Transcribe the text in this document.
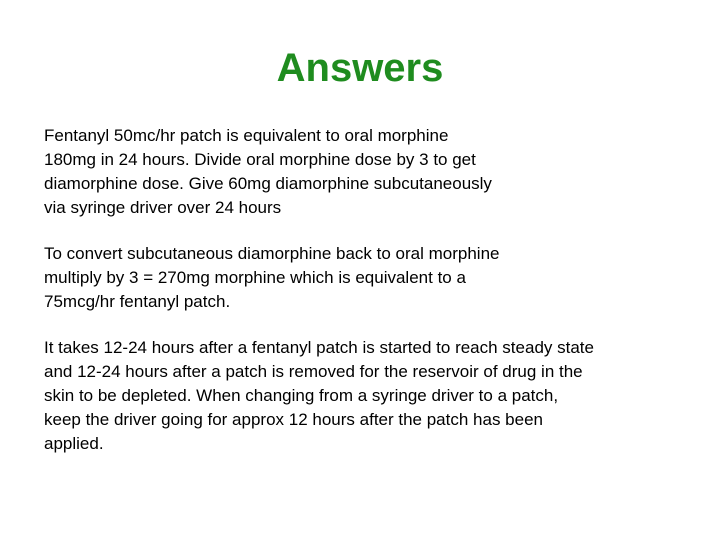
Answers

Fentanyl 50mc/hr patch is equivalent to oral morphine
180mg in 24 hours. Divide oral morphine dose by 3 to get
diamorphine dose. Give 60mg diamorphine subcutaneously
via syringe driver over 24 hours

To convert subcutaneous diamorphine back to oral morphine
multiply by 3 = 270mg morphine which is equivalent to a
75mcg/hr fentanyl patch.

It takes 12-24 hours after a fentanyl patch is started to reach steady state
and 12-24 hours after a patch is removed for the reservoir of drug in the
skin to be depleted. When changing from a syringe driver to a patch,
keep the driver going for approx 12 hours after the patch has been
applied.
